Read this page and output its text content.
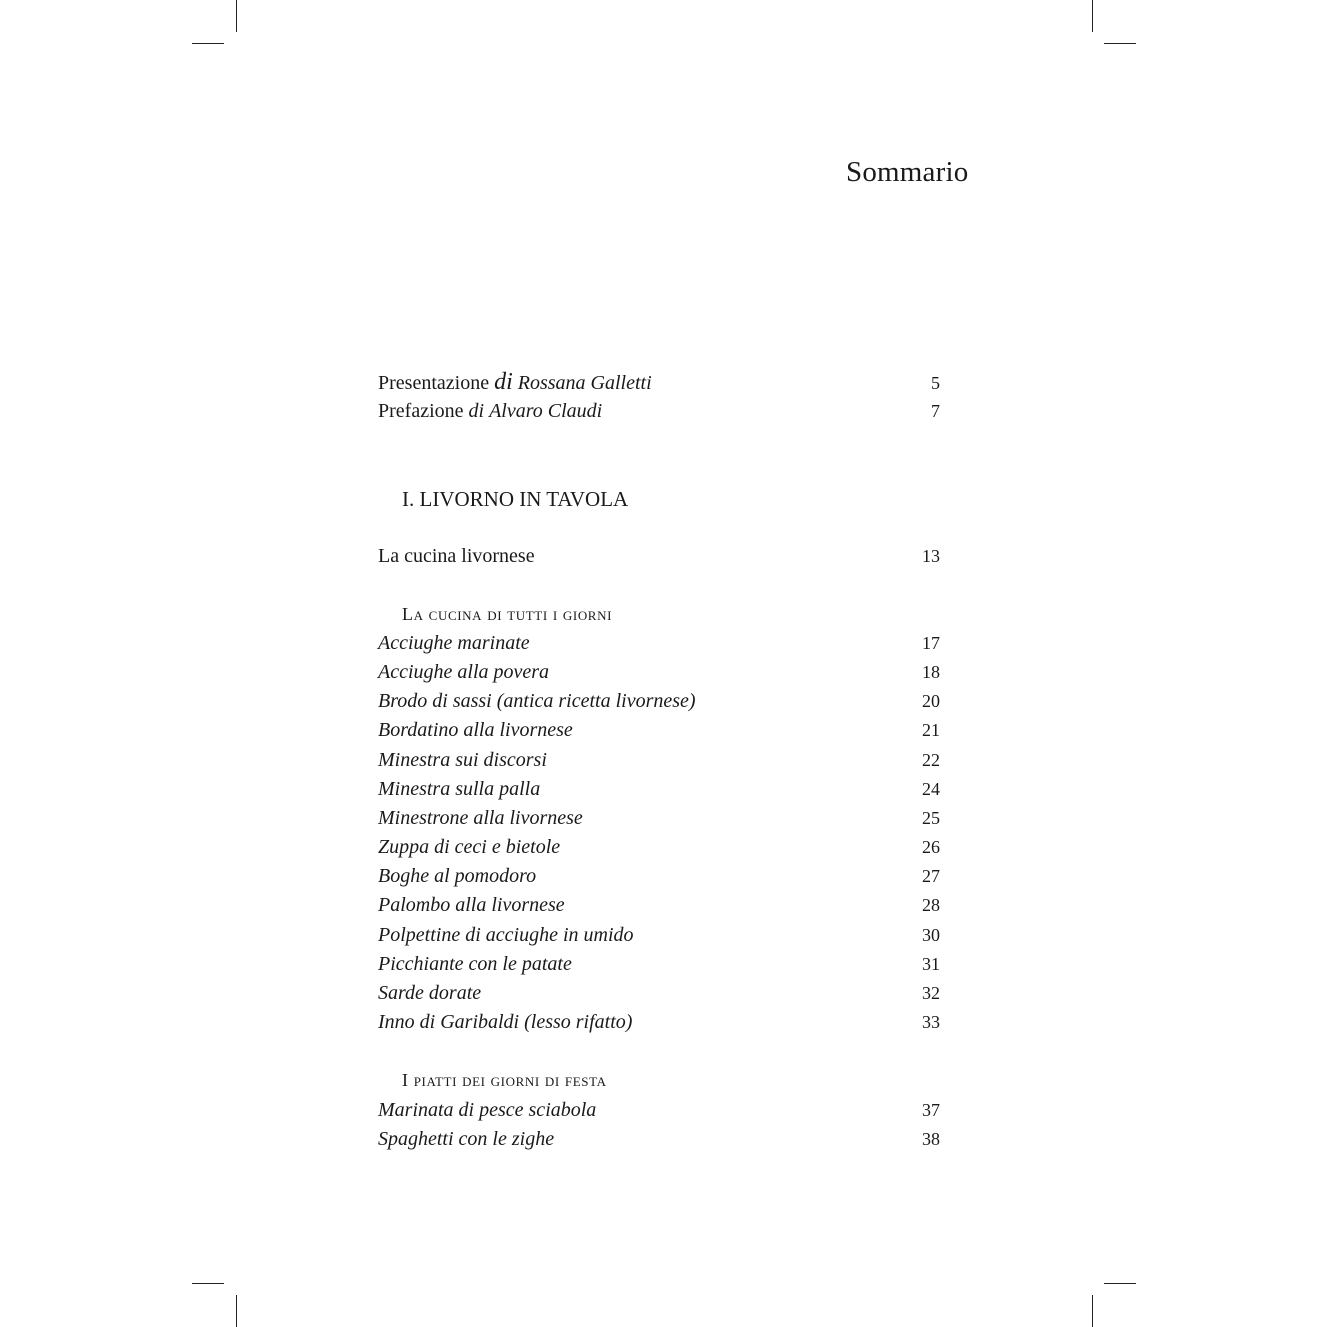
Sommario
Presentazione di Rossana Galletti	5
Prefazione di Alvaro Claudi	7
I. LIVORNO IN TAVOLA
La cucina livornese	13
La cucina di tutti i giorni
Acciughe marinate	17
Acciughe alla povera	18
Brodo di sassi (antica ricetta livornese)	20
Bordatino alla livornese	21
Minestra sui discorsi	22
Minestra sulla palla	24
Minestrone alla livornese	25
Zuppa di ceci e bietole	26
Boghe al pomodoro	27
Palombo alla livornese	28
Polpettine di acciughe in umido	30
Picchiante con le patate	31
Sarde dorate	32
Inno di Garibaldi (lesso rifatto)	33
I piatti dei giorni di festa
Marinata di pesce sciabola	37
Spaghetti con le zighe	38
